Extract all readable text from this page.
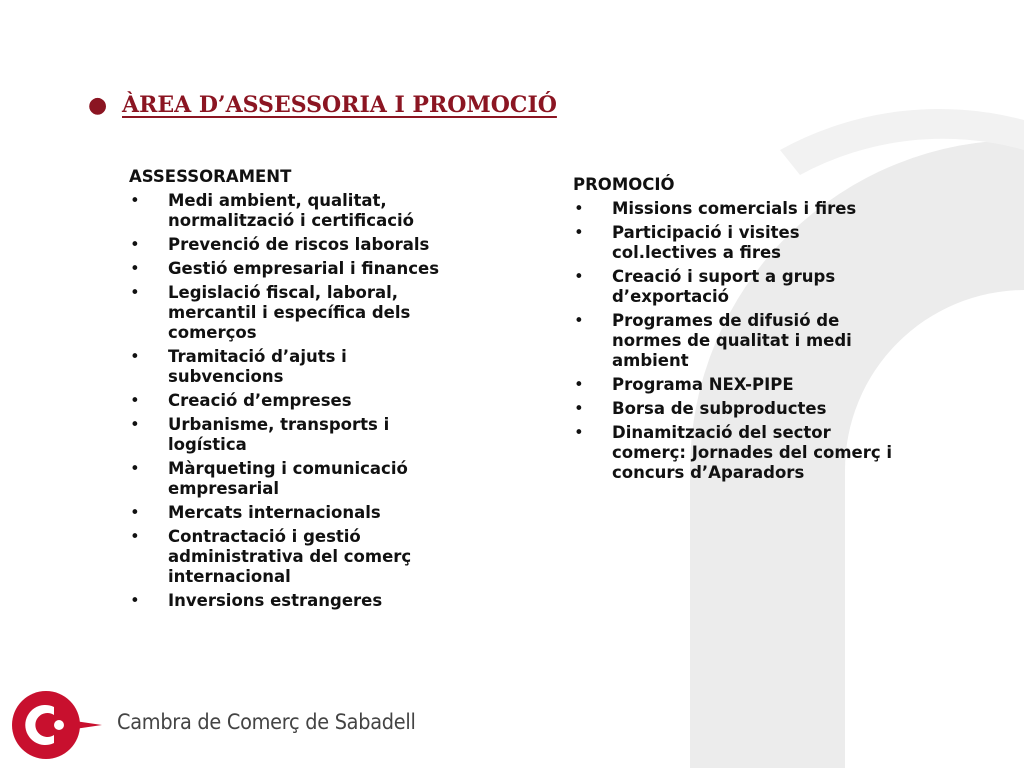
● ÀREA D’ASSESSORIA I PROMOCIÓ
ASSESSORAMENT
• Medi ambient, qualitat, normalització i certificació
• Prevenció de riscos laborals
• Gestió empresarial i finances
• Legislació fiscal, laboral, mercantil i específica dels comerços
• Tramitació d’ajuts i subvencions
• Creació d’empreses
• Urbanisme, transports i logística
• Màrqueting i comunicació empresarial
• Mercats internacionals
• Contractació i gestió administrativa del comerç internacional
• Inversions estrangeres
PROMOCIÓ
• Missions comercials i fires
• Participació i visites col.lectives a fires
• Creació i suport a grups d’exportació
• Programes de difusió de normes de qualitat i medi ambient
• Programa NEX-PIPE
• Borsa de subproductes
• Dinamització del sector comerç: Jornades del comerç i concurs d’Aparadors
Cambra de Comerç de Sabadell
